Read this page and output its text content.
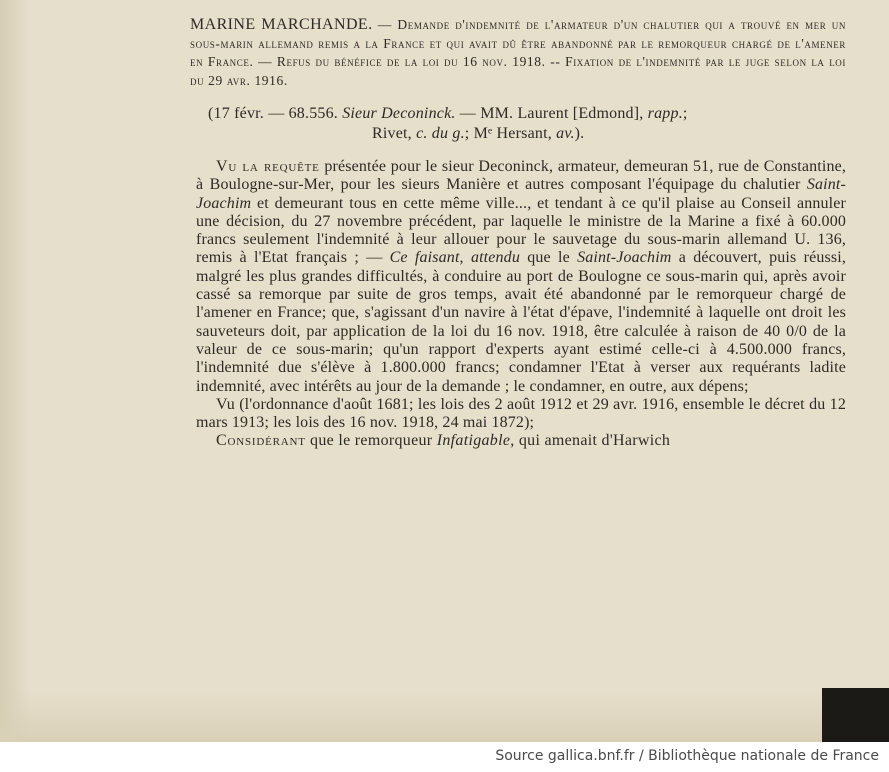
MARINE MARCHANDE. — Demande d'indemnité de l'armateur d'un chalutier qui a trouvé en mer un sous-marin allemand remis a la France et qui avait dû être abandonné par le remorqueur chargé de l'amener en France. — Refus du bénéfice de la loi du 16 nov. 1918. -- Fixation de l'indemnité par le juge selon la loi du 29 avr. 1916.
(17 févr. — 68.556. Sieur Deconinck. — MM. Laurent [Edmond], rapp.;
Rivet, c. du g.; Mᵉ Hersant, av.).

Vu la requête présentée pour le sieur Deconinck, armateur, demeuran 51, rue de Constantine, à Boulogne-sur-Mer, pour les sieurs Manière et autres composant l'équipage du chalutier Saint-Joachim et demeurant tous en cette même ville..., et tendant à ce qu'il plaise au Conseil annuler une décision, du 27 novembre précédent, par laquelle le ministre de la Marine a fixé à 60.000 francs seulement l'indemnité à leur allouer pour le sauvetage du sous-marin allemand U. 136, remis à l'Etat français ; — Ce faisant, attendu que le Saint-Joachim a découvert, puis réussi, malgré les plus grandes difficultés, à conduire au port de Boulogne ce sous-marin qui, après avoir cassé sa remorque par suite de gros temps, avait été abandonné par le remorqueur chargé de l'amener en France; que, s'agissant d'un navire à l'état d'épave, l'indemnité à laquelle ont droit les sauveteurs doit, par application de la loi du 16 nov. 1918, être calculée à raison de 40 0/0 de la valeur de ce sous-marin; qu'un rapport d'experts ayant estimé celle-ci à 4.500.000 francs, l'indemnité due s'élève à 1.800.000 francs; condamner l'Etat à verser aux requérants ladite indemnité, avec intérêts au jour de la demande ; le condamner, en outre, aux dépens;

Vu (l'ordonnance d'août 1681; les lois des 2 août 1912 et 29 avr. 1916, ensemble le décret du 12 mars 1913; les lois des 16 nov. 1918, 24 mai 1872);

Considérant que le remorqueur Infatigable, qui amenait d'Harwich

Source gallica.bnf.fr / Bibliothèque nationale de France
